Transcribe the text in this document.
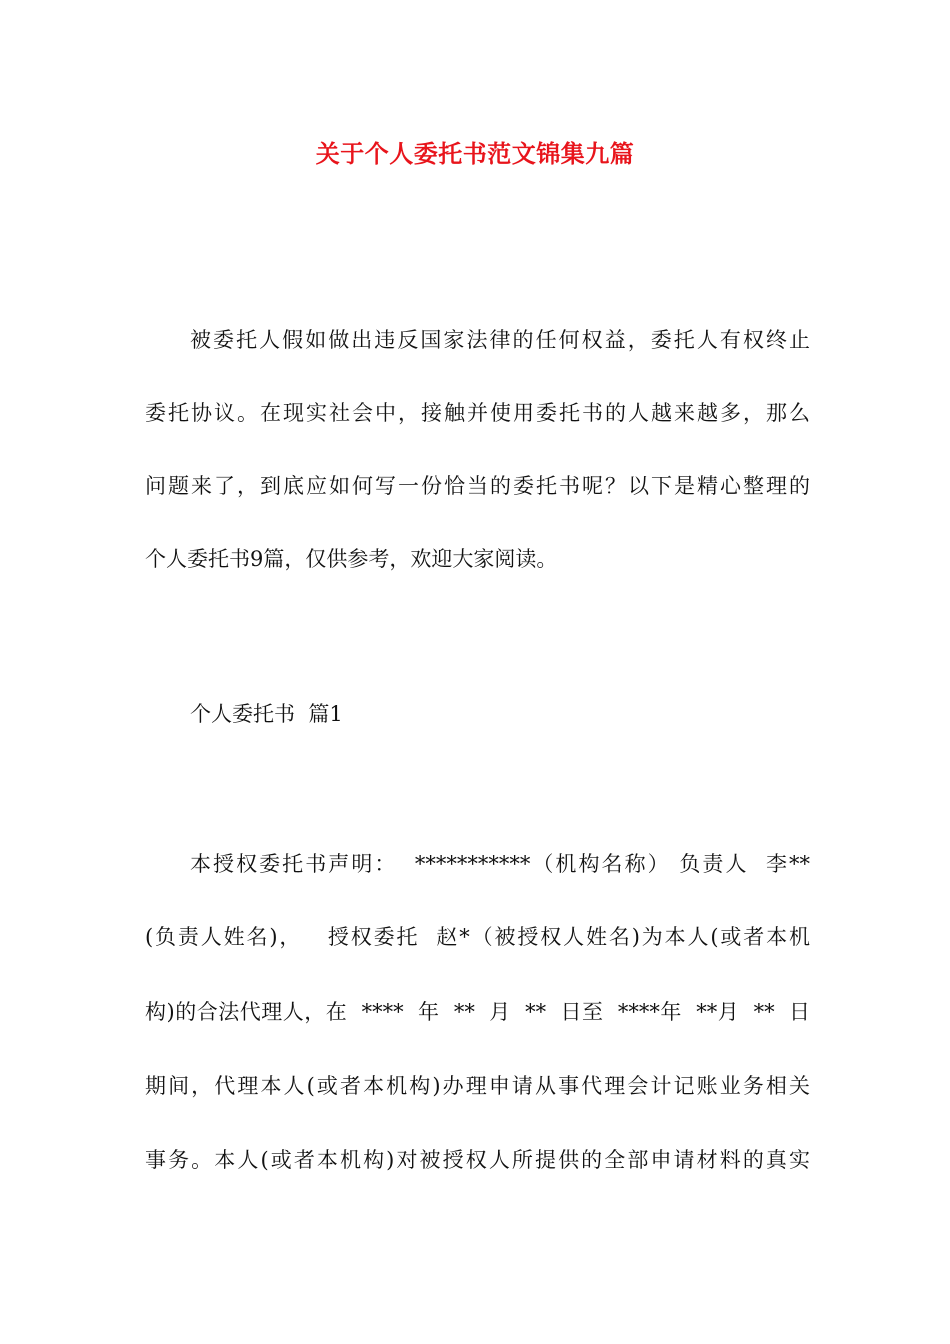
关于个人委托书范文锦集九篇
被委托人假如做出违反国家法律的任何权益，委托人有权终止
委托协议。在现实社会中，接触并使用委托书的人越来越多，那么
问题来了，到底应如何写一份恰当的委托书呢？以下是精心整理的
个人委托书9篇，仅供参考，欢迎大家阅读。
个人委托书  篇1
本授权委托书声明：  ***********（机构名称） 负责人  李**
(负责人姓名)，   授权委托  赵*（被授权人姓名)为本人(或者本机
构)的合法代理人，在  ****  年  **  月  **  日至  ****年  **月  **  日
期间，代理本人(或者本机构)办理申请从事代理会计记账业务相关
事务。本人(或者本机构)对被授权人所提供的全部申请材料的真实
